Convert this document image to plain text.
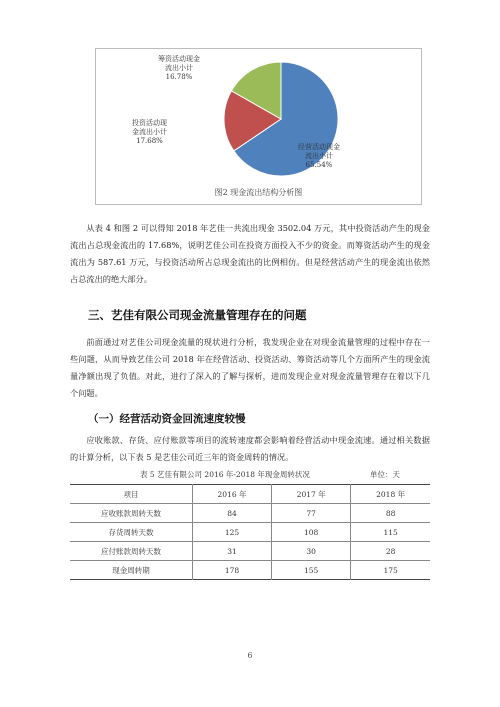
筹资活动现金
流出小计
16.78%
投资活动现
金流出小计
17.68%
经营活动现金
流出小计
65.54%
图2 现金流出结构分析图
从表 4 和图 2 可以得知 2018 年艺佳一共流出现金 3502.04 万元，其中投资活动产生的现金流出占总现金流出的 17.68%，说明艺佳公司在投资方面投入不少的资金。而筹资活动产生的现金流出为 587.61 万元，与投资活动所占总现金流出的比例相仿。但是经营活动产生的现金流出依然占总流出的绝大部分。
三、艺佳有限公司现金流量管理存在的问题
前面通过对艺佳公司现金流量的现状进行分析，我发现企业在对现金流量管理的过程中存在一些问题，从而导致艺佳公司 2018 年在经营活动、投资活动、筹资活动等几个方面所产生的现金流量净额出现了负值。对此，进行了深入的了解与探析，进而发现企业对现金流量管理存在着以下几个问题。
（一）经营活动资金回流速度较慢
应收账款、存货、应付账款等项目的流转速度都会影响着经营活动中现金流速。通过相关数据的计算分析，以下表 5 是艺佳公司近三年的资金周转的情况。
表 5 艺佳有限公司 2016 年-2018 年现金周转状况	单位：天
项目	2016 年	2017 年	2018 年
应收账款周转天数	84	77	88
存货周转天数	125	108	115
应付账款周转天数	31	30	28
现金周转期	178	155	175
6
